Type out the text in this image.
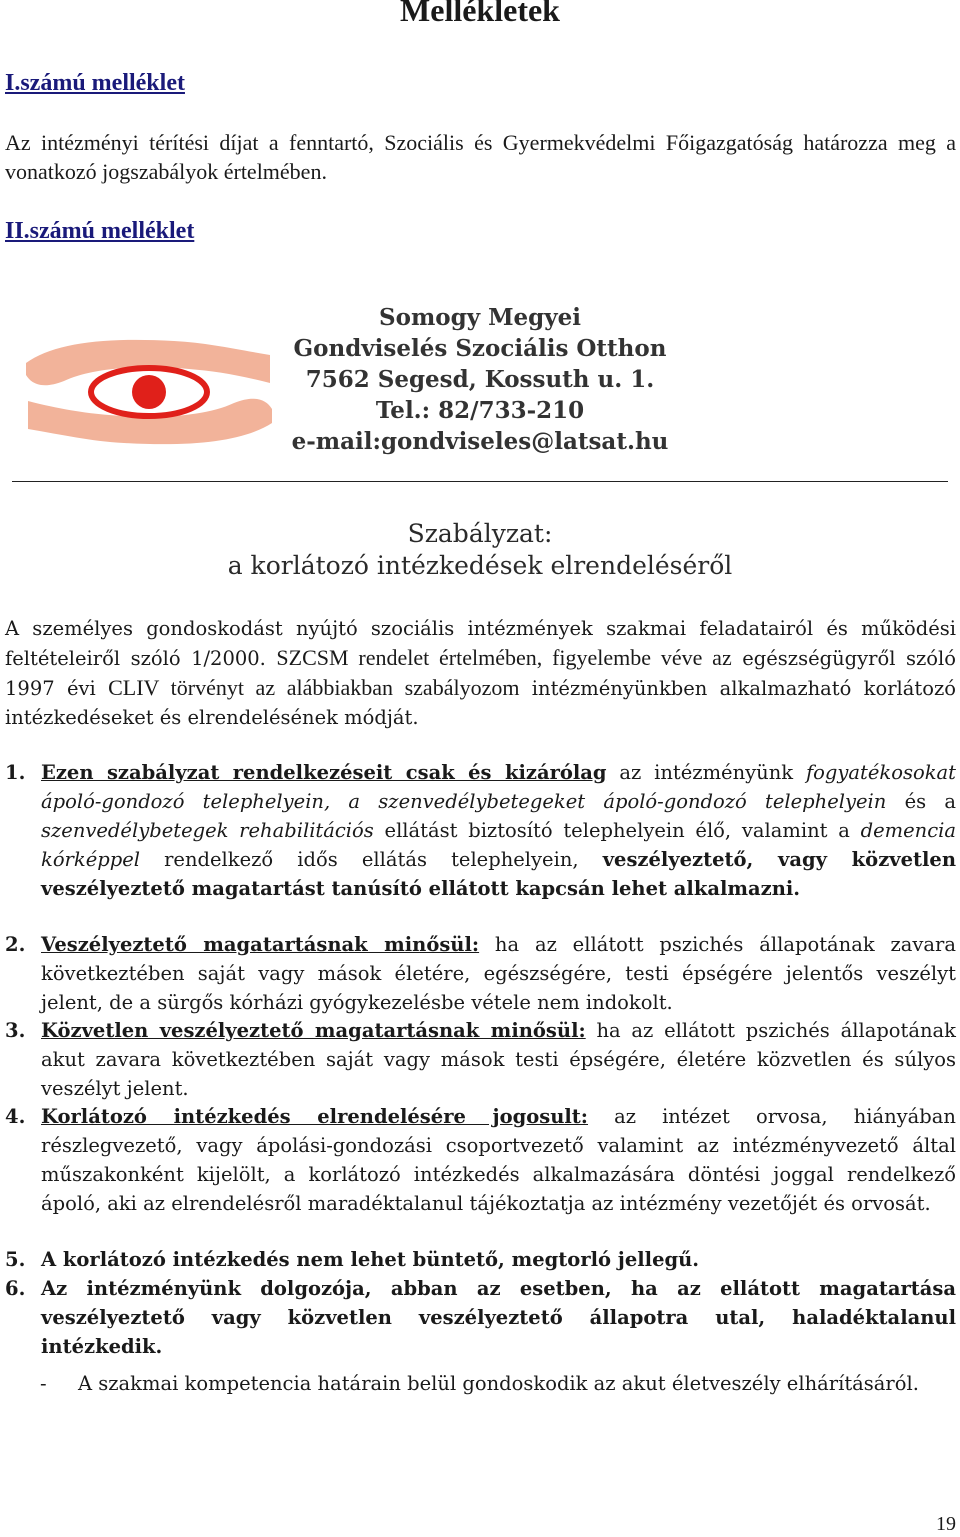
Mellékletek
I.számú melléklet
Az intézményi térítési díjat a fenntartó, Szociális és Gyermekvédelmi Főigazgatóság határozza meg a vonatkozó jogszabályok értelmében.
II.számú melléklet
Somogy Megyei
Gondviselés Szociális Otthon
7562 Segesd, Kossuth u. 1.
Tel.: 82/733-210
e-mail:gondviseles@latsat.hu
Szabályzat:
a korlátozó intézkedések elrendeléséről
A személyes gondoskodást nyújtó szociális intézmények szakmai feladatairól és működési feltételeiről szóló 1/2000. SZCSM rendelet értelmében, figyelembe véve az egészségügyről szóló 1997 évi CLIV törvényt az alábbiakban szabályozom intézményünkben alkalmazható korlátozó intézkedéseket és elrendelésének módját.
1. Ezen szabályzat rendelkezéseit csak és kizárólag az intézményünk fogyatékosokat ápoló-gondozó telephelyein, a szenvedélybetegeket ápoló-gondozó telephelyein és a szenvedélybetegek rehabilitációs ellátást biztosító telephelyein élő, valamint a demencia kórképpel rendelkező idős ellátás telephelyein, veszélyeztető, vagy közvetlen veszélyeztető magatartást tanúsító ellátott kapcsán lehet alkalmazni.
2. Veszélyeztető magatartásnak minősül: ha az ellátott pszichés állapotának zavara következtében saját vagy mások életére, egészségére, testi épségére jelentős veszélyt jelent, de a sürgős kórházi gyógykezelésbe vétele nem indokolt.
3. Közvetlen veszélyeztető magatartásnak minősül: ha az ellátott pszichés állapotának akut zavara következtében saját vagy mások testi épségére, életére közvetlen és súlyos veszélyt jelent.
4. Korlátozó intézkedés elrendelésére jogosult: az intézet orvosa, hiányában részlegvezető, vagy ápolási-gondozási csoportvezető valamint az intézményvezető által műszakonként kijelölt, a korlátozó intézkedés alkalmazására döntési joggal rendelkező ápoló, aki az elrendelésről maradéktalanul tájékoztatja az intézmény vezetőjét és orvosát.
5. A korlátozó intézkedés nem lehet büntető, megtorló jellegű.
6. Az intézményünk dolgozója, abban az esetben, ha az ellátott magatartása veszélyeztető vagy közvetlen veszélyeztető állapotra utal, haladéktalanul intézkedik.
- A szakmai kompetencia határain belül gondoskodik az akut életveszély elhárításáról.
19
